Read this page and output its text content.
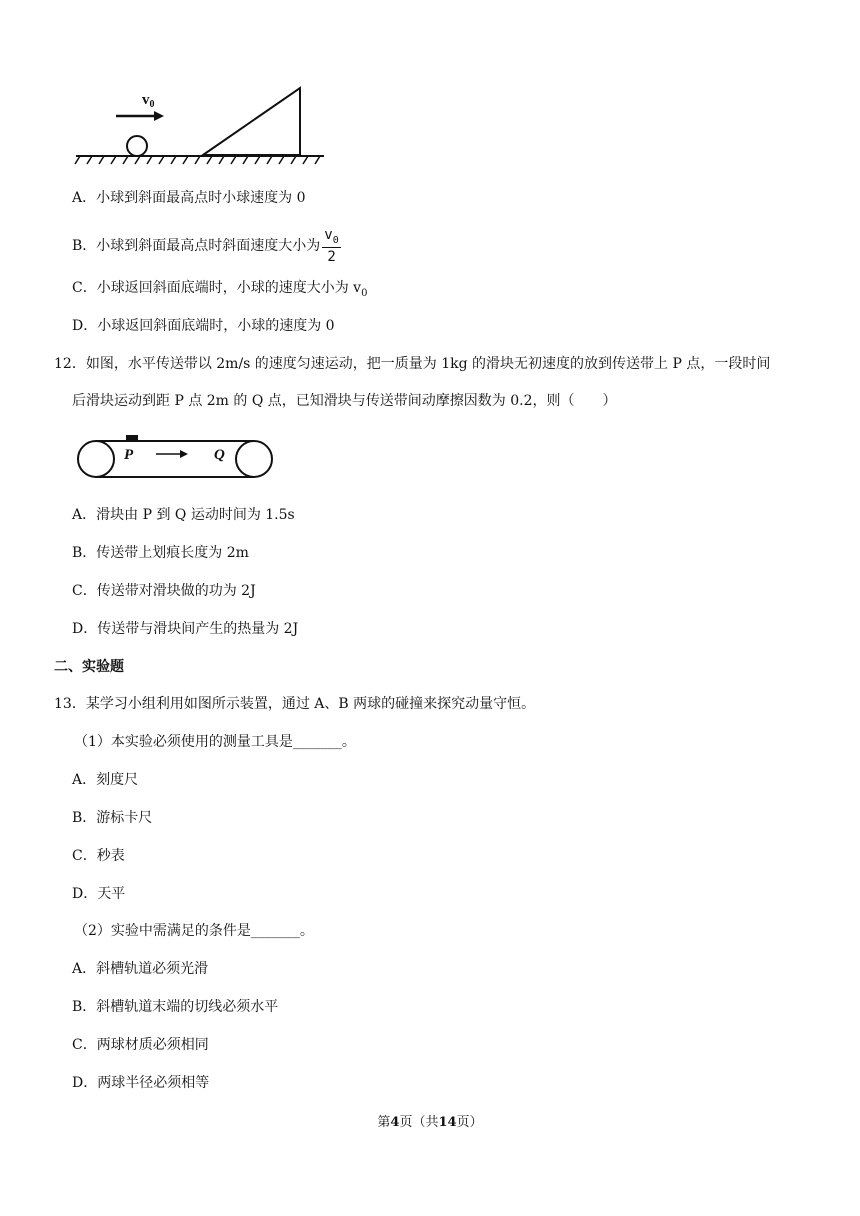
$v_0$
A．小球到斜面最高点时小球速度为 0
B．小球到斜面最高点时斜面速度大小为 $\frac{v_0}{2}$
C．小球返回斜面底端时，小球的速度大小为 $v_0$
D．小球返回斜面底端时，小球的速度为 0
12．如图，水平传送带以 2m/s 的速度匀速运动，把一质量为 1kg 的滑块无初速度的放到传送带上 P 点，一段时间
后滑块运动到距 P 点 2m 的 Q 点，已知滑块与传送带间动摩擦因数为 0.2，则（　　）
P	Q
A．滑块由 P 到 Q 运动时间为 1.5s
B．传送带上划痕长度为 2m
C．传送带对滑块做的功为 2J
D．传送带与滑块间产生的热量为 2J
二、实验题
13．某学习小组利用如图所示装置，通过 A、B 两球的碰撞来探究动量守恒。
（1）本实验必须使用的测量工具是_______。
A．刻度尺
B．游标卡尺
C．秒表
D．天平
（2）实验中需满足的条件是_______。
A．斜槽轨道必须光滑
B．斜槽轨道末端的切线必须水平
C．两球材质必须相同
D．两球半径必须相等
第4页（共14页）
